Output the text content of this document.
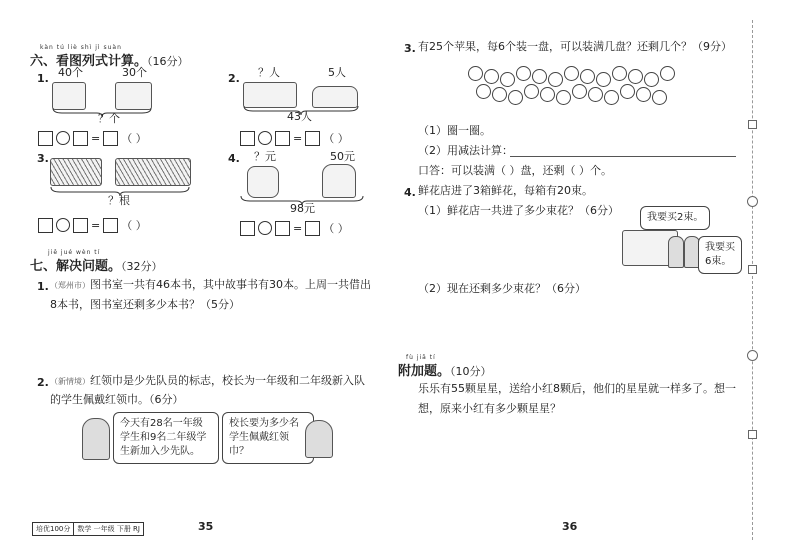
kàn tú liè shì jì suàn
六、看图列式计算。（16分）
1. 40个	30个
？个
= （ ）
2. ？人	5人
43人
= （ ）
3.
？根
= （ ）
4. ？元	50元
98元
= （ ）
jiě jué wèn tí
七、解决问题。（32分）
1. （郑州市）图书室一共有46本书，其中故事书有30本。上周一共借出
8本书，图书室还剩多少本书？（5分）
2. （新情境）红领巾是少先队员的标志，校长为一年级和二年级新入队
的学生佩戴红领巾。（6分）
今天有28名一年级学生和9名二年级学生新加入少先队。
校长要为多少名学生佩戴红领巾？
培优100分	数学 一年级 下册 RJ	35
3. 有25个苹果，每6个装一盘，可以装满几盘？还剩几个？（9分）
（1）圈一圈。
（2）用减法计算：
口答：可以装满（ ）盘，还剩（ ）个。
4. 鲜花店进了3箱鲜花，每箱有20束。
（1）鲜花店一共进了多少束花？（6分）
我要买2束。
我要买6束。
（2）现在还剩多少束花？（6分）
fù jiā tí
附加题。（10分）
乐乐有55颗星星，送给小红8颗后，他们的星星就一样多了。想一
想，原来小红有多少颗星星？
36
